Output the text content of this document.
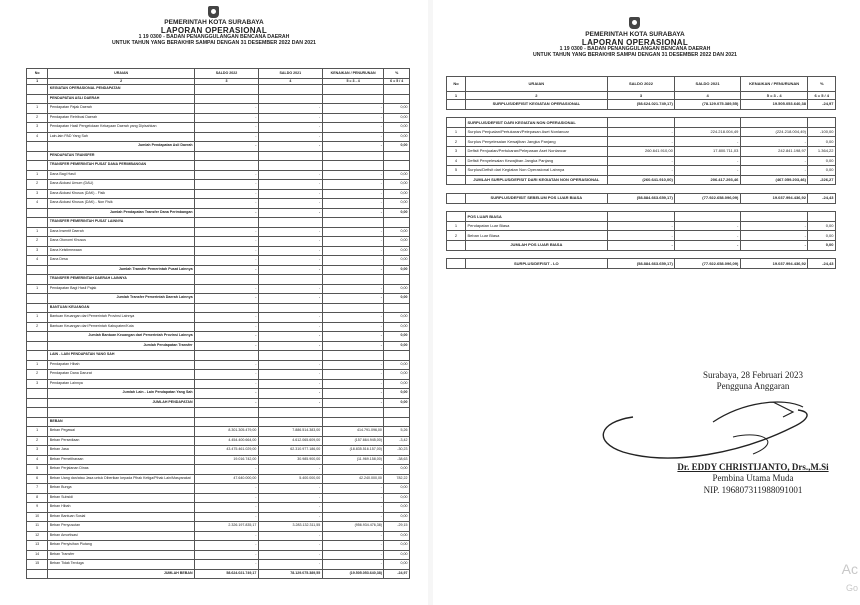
PEMERINTAH KOTA SURABAYA
LAPORAN OPERASIONAL
1 19 0300 - BADAN PENANGGULANGAN BENCANA DAERAH
UNTUK TAHUN YANG BERAKHIR SAMPAI DENGAN 31 DESEMBER 2022 DAN 2021
No	URAIAN	SALDO 2022	SALDO 2021	KENAIKAN / PENURUNAN	%
1	2	3	4	5 = 3 - 4	6 = 5 / 4
	KEGIATAN OPERASIONAL PENDAPATAN				
	PENDAPATAN ASLI DAERAH				
1	Pendapatan Pajak Daerah	-	-	-	0,00
2	Pendapatan Retribusi Daerah	-	-	-	0,00
3	Pendapatan Hasil Pengelolaan Kekayaan Daerah yang Dipisahkan	-	-	-	0,00
4	Lain-lain PAD Yang Sah	-	-	-	0,00
	Jumlah Pendapatan Asli Daerah	-	-	-	0,00
	PENDAPATAN TRANSFER				
	TRANSFER PEMERINTAH PUSAT DANA PERIMBANGAN				
1	Dana Bagi Hasil	-	-	-	0,00
2	Dana Alokasi Umum (DAU)	-	-	-	0,00
3	Dana Alokasi Khusus (DAK) - Fisik	-	-	-	0,00
4	Dana Alokasi Khusus (DAK) - Non Fisik	-	-	-	0,00
	Jumlah Pendapatan Transfer Dana Perimbangan	-	-	-	0,00
	TRANSFER PEMERINTAH PUSAT LAINNYA				
1	Dana Insentif Daerah	-	-	-	0,00
2	Dana Otonomi Khusus	-	-	-	0,00
3	Dana Keistimewaan	-	-	-	0,00
4	Dana Desa	-	-	-	0,00
	Jumlah Transfer Pemerintah Pusat Lainnya	-	-	-	0,00
	TRANSFER PEMERINTAH DAERAH LAINNYA				
1	Pendapatan Bagi Hasil Pajak	-	-	-	0,00
	Jumlah Transfer Pemerintah Daerah Lainnya	-	-	-	0,00
	BANTUAN KEUANGAN				
1	Bantuan Keuangan dari Pemerintah Provinsi Lainnya	-	-	-	0,00
2	Bantuan Keuangan dari Pemerintah Kabupaten/Kota	-	-	-	0,00
	Jumlah Bantuan Keuangan dari Pemerintah Provinsi Lainnya	-	-	-	0,00
	Jumlah Pendapatan Transfer	-	-	-	0,00
	LAIN - LAIN PENDAPATAN YANG SAH				
1	Pendapatan Hibah	-	-	-	0,00
2	Pendapatan Dana Darurat	-	-	-	0,00
3	Pendapatan Lainnya	-	-	-	0,00
	Jumlah Lain - Lain Pendapatan Yang Sah	-	-	-	0,00
	JUMLAH PENDAPATAN	-	-	-	0,00

	BEBAN				
1	Beban Pegawai	8.301.305.479,00	7.886.514.383,00	414.791.096,00	5,26
2	Beban Persediaan	4.454.400.664,00	4.612.065.609,00	(157.664.945,00)	-3,42
3	Beban Jasa	43.475.461.029,00	62.310.977.186,00	(18.835.516.157,00)	-30,23
4	Beban Pemeliharaan	19.016.742,00	30.985.900,00	(11.969.158,00)	-38,63
5	Beban Perjalanan Dinas	-	-	-	0,00
6	Beban Uang dan/atau Jasa untuk Diberikan kepada Pihak Ketiga/Pihak Lain/Masyarakat	47.640.000,00	5.400.000,00	42.240.000,00	782,22
7	Beban Bunga	-	-	-	0,00
8	Beban Subsidi	-	-	-	0,00
9	Beban Hibah	-	-	-	0,00
10	Beban Bantuan Sosial	-	-	-	0,00
11	Beban Penyusutan	2.326.197.835,17	3.283.132.311,55	(956.934.476,38)	-29,15
12	Beban Amortisasi	-	-	-	0,00
13	Beban Penyisihan Piutang	-	-	-	0,00
14	Beban Transfer	-	-	-	0,00
15	Beban Tidak Terduga	-	-	-	0,00
	JUMLAH BEBAN	58.624.021.749,17	78.129.075.389,55	(19.505.053.640,38)	-24,97
PEMERINTAH KOTA SURABAYA
LAPORAN OPERASIONAL
1 19 0300 - BADAN PENANGGULANGAN BENCANA DAERAH
UNTUK TAHUN YANG BERAKHIR SAMPAI DENGAN 31 DESEMBER 2022 DAN 2021
No	URAIAN	SALDO 2022	SALDO 2021	KENAIKAN / PENURUNAN	%
1	2	3	4	5 = 3 - 4	6 = 5 / 4
	SURPLUS/DEFISIT KEGIATAN OPERASIONAL	(58.624.021.749,17)	(78.129.075.389,55)	19.505.053.640,38	-24,97

	SURPLUS/DEFISIT DARI KEGIATAN NON OPERASIONAL				
1	Surplus Penjualan/Pertukaran/Pelepasan Aset Nonlancar	-	224.218.004,49	(224.218.004,49)	-100,00
2	Surplus Penyelesaian Kewajiban Jangka Panjang	-	-	-	0,00
3	Defisit Penjualan/Pertukaran/Pelepasan Aset Nonlancar	260.641.910,00	17.800.711,03	242.841.198,97	1.364,22
4	Defisit Penyelesaian Kewajiban Jangka Panjang	-	-	-	0,00
5	Surplus/Defisit dari Kegiatan Non Operasional Lainnya	-	-	-	0,00
	JUMLAH SURPLUS/DEFISIT DARI KEGIATAN NON OPERASIONAL	(260.641.910,00)	206.417.293,46	(467.059.203,46)	-226,27

	SURPLUS/DEFISIT SEBELUM POS LUAR BIASA	(58.884.663.659,17)	(77.922.658.096,09)	19.037.994.436,92	-24,43

	POS LUAR BIASA				
1	Pendapatan Luar Biasa	-	-	-	0,00
2	Beban Luar Biasa	-	-	-	0,00
	JUMLAH POS LUAR BIASA	-	-	-	0,00

	SURPLUS/DEFISIT - LO	(58.884.663.659,17)	(77.922.658.096,09)	19.037.994.436,92	-24,43
Surabaya, 28 Februari 2023
Pengguna Anggaran
Dr. EDDY CHRISTIJANTO, Drs.,M.Si
Pembina Utama Muda
NIP. 196807311988091001
Ac
Go
